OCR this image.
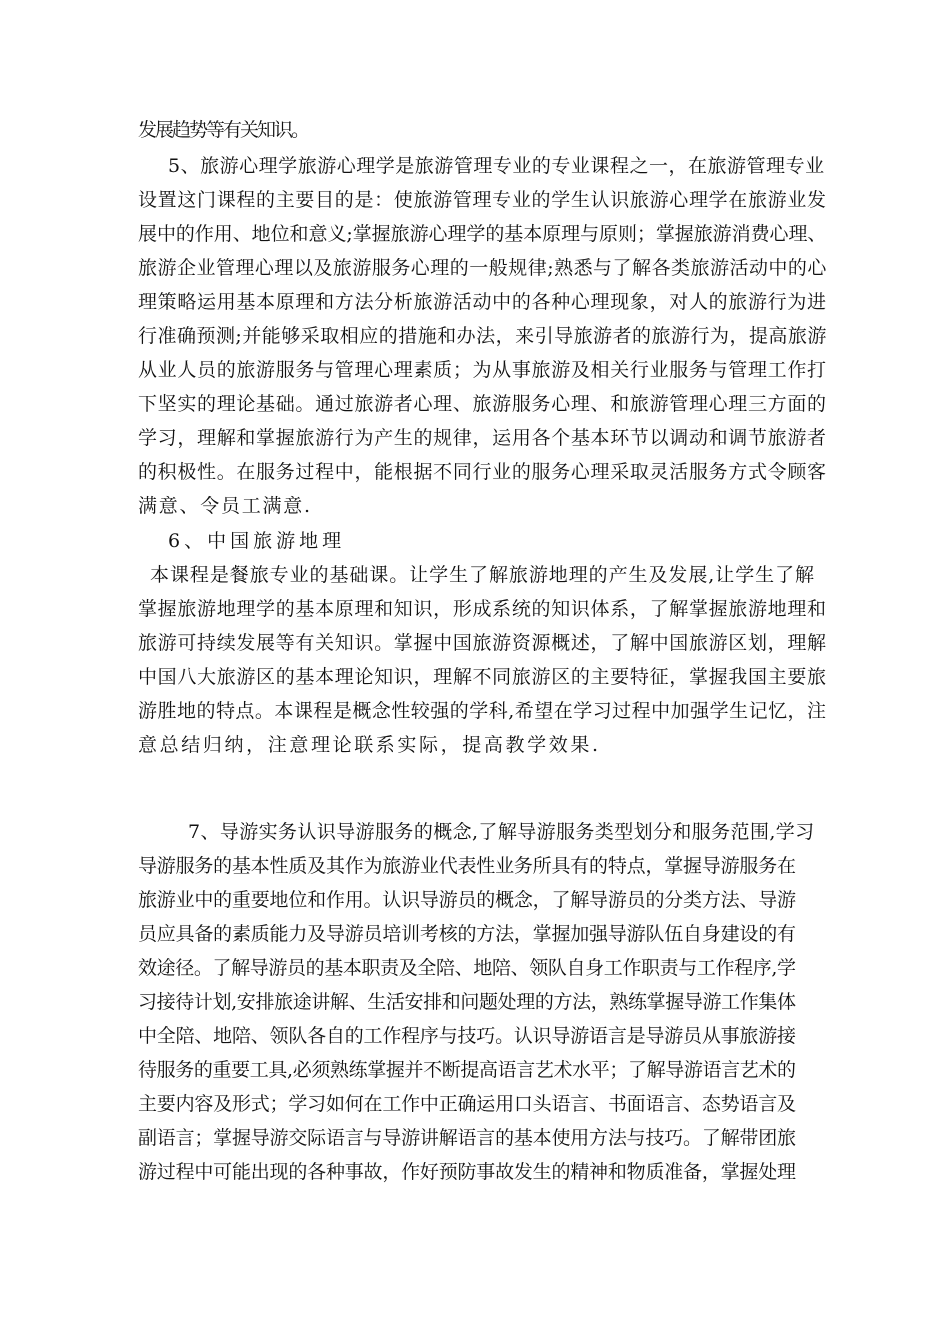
发展趋势等有关知识。
5、旅游心理学旅游心理学是旅游管理专业的专业课程之一，在旅游管理专业
设置这门课程的主要目的是：使旅游管理专业的学生认识旅游心理学在旅游业发
展中的作用、地位和意义;掌握旅游心理学的基本原理与原则；掌握旅游消费心理、
旅游企业管理心理以及旅游服务心理的一般规律;熟悉与了解各类旅游活动中的心
理策略运用基本原理和方法分析旅游活动中的各种心理现象，对人的旅游行为进
行准确预测;并能够采取相应的措施和办法，来引导旅游者的旅游行为，提高旅游
从业人员的旅游服务与管理心理素质；为从事旅游及相关行业服务与管理工作打
下坚实的理论基础。通过旅游者心理、旅游服务心理、和旅游管理心理三方面的
学习，理解和掌握旅游行为产生的规律，运用各个基本环节以调动和调节旅游者
的积极性。在服务过程中，能根据不同行业的服务心理采取灵活服务方式令顾客
满意、令员工满意.
6、中国旅游地理
本课程是餐旅专业的基础课。让学生了解旅游地理的产生及发展,让学生了解
掌握旅游地理学的基本原理和知识，形成系统的知识体系，了解掌握旅游地理和
旅游可持续发展等有关知识。掌握中国旅游资源概述，了解中国旅游区划，理解
中国八大旅游区的基本理论知识，理解不同旅游区的主要特征，掌握我国主要旅
游胜地的特点。本课程是概念性较强的学科,希望在学习过程中加强学生记忆，注
意总结归纳，注意理论联系实际，提高教学效果.
7、导游实务认识导游服务的概念,了解导游服务类型划分和服务范围,学习
导游服务的基本性质及其作为旅游业代表性业务所具有的特点，掌握导游服务在
旅游业中的重要地位和作用。认识导游员的概念，了解导游员的分类方法、导游
员应具备的素质能力及导游员培训考核的方法，掌握加强导游队伍自身建设的有
效途径。了解导游员的基本职责及全陪、地陪、领队自身工作职责与工作程序,学
习接待计划,安排旅途讲解、生活安排和问题处理的方法，熟练掌握导游工作集体
中全陪、地陪、领队各自的工作程序与技巧。认识导游语言是导游员从事旅游接
待服务的重要工具,必须熟练掌握并不断提高语言艺术水平；了解导游语言艺术的
主要内容及形式；学习如何在工作中正确运用口头语言、书面语言、态势语言及
副语言；掌握导游交际语言与导游讲解语言的基本使用方法与技巧。了解带团旅
游过程中可能出现的各种事故，作好预防事故发生的精神和物质准备，掌握处理
